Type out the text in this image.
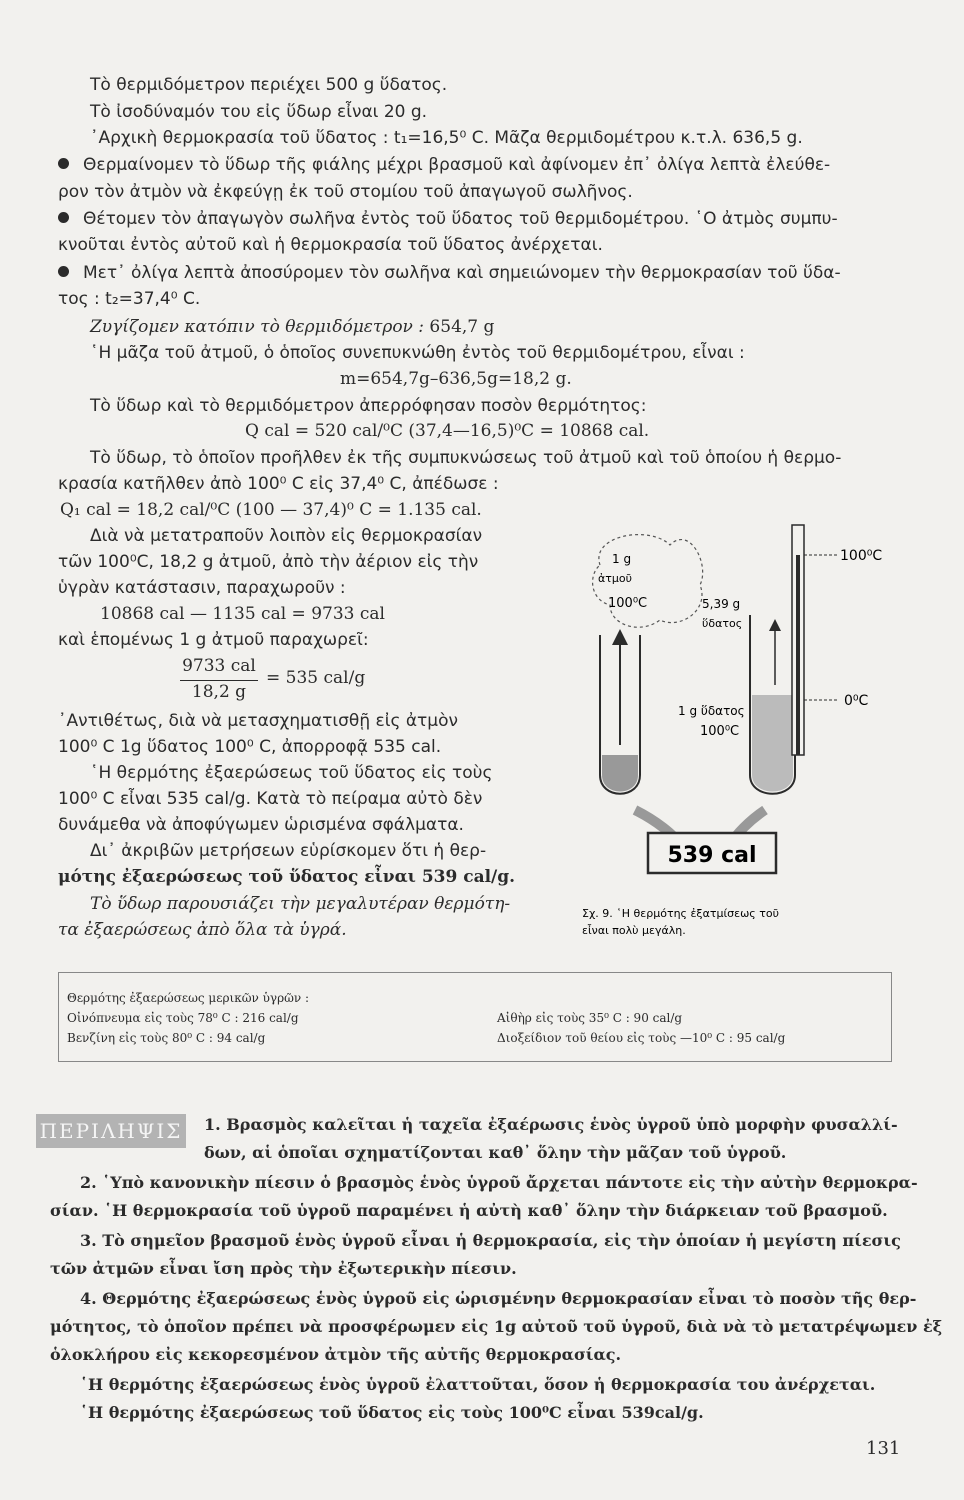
Τὸ θερμιδόμετρον περιέχει 500 g ὕδατος.
Τὸ ἰσοδύναμόν του εἰς ὕδωρ εἶναι 20 g.
᾽Αρχικὴ θερμοκρασία τοῦ ὕδατος : t₁=16,5⁰ C. Μᾶζα θερμιδομέτρου κ.τ.λ. 636,5 g.
Θερμαίνομεν τὸ ὕδωρ τῆς φιάλης μέχρι βρασμοῦ καὶ ἀφίνομεν ἐπ᾽ ὀλίγα λεπτὰ ἐλεύθε-
ρον τὸν ἀτμὸν νὰ ἐκφεύγῃ ἐκ τοῦ στομίου τοῦ ἀπαγωγοῦ σωλῆνος.
Θέτομεν τὸν ἀπαγωγὸν σωλῆνα ἐντὸς τοῦ ὕδατος τοῦ θερμιδομέτρου. ῾Ο ἀτμὸς συμπυ-
κνοῦται ἐντὸς αὐτοῦ καὶ ἡ θερμοκρασία τοῦ ὕδατος ἀνέρχεται.
Μετ᾽ ὀλίγα λεπτὰ ἀποσύρομεν τὸν σωλῆνα καὶ σημειώνομεν τὴν θερμοκρασίαν τοῦ ὕδα-
τος : t₂=37,4⁰ C.
Ζυγίζομεν κατόπιν τὸ θερμιδόμετρον : 654,7 g
῾Η μᾶζα τοῦ ἀτμοῦ, ὁ ὁποῖος συνεπυκνώθη ἐντὸς τοῦ θερμιδομέτρου, εἶναι :
m=654,7g–636,5g=18,2 g.
Τὸ ὕδωρ καὶ τὸ θερμιδόμετρον ἀπερρόφησαν ποσὸν θερμότητος:
Q cal = 520 cal/⁰C (37,4—16,5)⁰C = 10868 cal.
Τὸ ὕδωρ, τὸ ὁποῖον προῆλθεν ἐκ τῆς συμπυκνώσεως τοῦ ἀτμοῦ καὶ τοῦ ὁποίου ἡ θερμο-
κρασία κατῆλθεν ἀπὸ 100⁰ C εἰς 37,4⁰ C, ἀπέδωσε :
Q₁ cal = 18,2 cal/⁰C (100 — 37,4)⁰ C = 1.135 cal.
Διὰ νὰ μετατραποῦν λοιπὸν εἰς θερμοκρασίαν
τῶν 100⁰C, 18,2 g ἀτμοῦ, ἀπὸ τὴν ἀέριον εἰς τὴν
ὑγρὰν κατάστασιν, παραχωροῦν :
10868 cal — 1135 cal = 9733 cal
καὶ ἑπομένως 1 g ἀτμοῦ παραχωρεῖ:
9733 cal
18,2 g
= 535 cal/g
᾽Αντιθέτως, διὰ νὰ μετασχηματισθῇ εἰς ἀτμὸν
100⁰ C 1g ὕδατος 100⁰ C, ἀπορροφᾷ 535 cal.
῾Η θερμότης ἐξαερώσεως τοῦ ὕδατος εἰς τοὺς
100⁰ C εἶναι 535 cal/g. Κατὰ τὸ πείραμα αὐτὸ δὲν
δυνάμεθα νὰ ἀποφύγωμεν ὡρισμένα σφάλματα.
Δι᾽ ἀκριβῶν μετρήσεων εὑρίσκομεν ὅτι ἡ θερ-
μότης ἐξαερώσεως τοῦ ὕδατος εἶναι 539 cal/g.
Τὸ ὕδωρ παρουσιάζει τὴν μεγαλυτέραν θερμότη-
τα ἐξαερώσεως ἀπὸ ὅλα τὰ ὑγρά.
1 g
ἀτμοῦ
100⁰C	5,39 g
ὕδατος
1 g ὕδατος
100⁰C
100⁰C
0⁰C
539 cal
Σχ. 9. ῾Η θερμότης ἐξατμίσεως τοῦ
εἶναι πολὺ μεγάλη.
Θερμότης ἐξαερώσεως μερικῶν ὑγρῶν :
Οἰνόπνευμα εἰς τοὺς 78⁰ C : 216 cal/g
Βενζίνη εἰς τοὺς 80⁰ C : 94 cal/g
Αἰθὴρ εἰς τοὺς 35⁰ C : 90 cal/g
Διοξείδιον τοῦ θείου εἰς τοὺς —10⁰ C : 95 cal/g
ΠΕΡΙΛΗΨΙΣ 1. Βρασμὸς καλεῖται ἡ ταχεῖα ἐξαέρωσις ἑνὸς ὑγροῦ ὑπὸ μορφὴν φυσαλλί-
δων, αἱ ὁποῖαι σχηματίζονται καθ᾽ ὅλην τὴν μᾶζαν τοῦ ὑγροῦ.
2. ῾Υπὸ κανονικὴν πίεσιν ὁ βρασμὸς ἑνὸς ὑγροῦ ἄρχεται πάντοτε εἰς τὴν αὐτὴν θερμοκρα-
σίαν. ῾Η θερμοκρασία τοῦ ὑγροῦ παραμένει ἡ αὐτὴ καθ᾽ ὅλην τὴν διάρκειαν τοῦ βρασμοῦ.
3. Τὸ σημεῖον βρασμοῦ ἑνὸς ὑγροῦ εἶναι ἡ θερμοκρασία, εἰς τὴν ὁποίαν ἡ μεγίστη πίεσις
τῶν ἀτμῶν εἶναι ἴση πρὸς τὴν ἐξωτερικὴν πίεσιν.
4. Θερμότης ἐξαερώσεως ἑνὸς ὑγροῦ εἰς ὡρισμένην θερμοκρασίαν εἶναι τὸ ποσὸν τῆς θερ-
μότητος, τὸ ὁποῖον πρέπει νὰ προσφέρωμεν εἰς 1g αὐτοῦ τοῦ ὑγροῦ, διὰ νὰ τὸ μετατρέψωμεν ἐξ
ὁλοκλήρου εἰς κεκορεσμένον ἀτμὸν τῆς αὐτῆς θερμοκρασίας.
῾Η θερμότης ἐξαερώσεως ἑνὸς ὑγροῦ ἐλαττοῦται, ὅσον ἡ θερμοκρασία του ἀνέρχεται.
῾Η θερμότης ἐξαερώσεως τοῦ ὕδατος εἰς τοὺς 100⁰C εἶναι 539cal/g.
131
